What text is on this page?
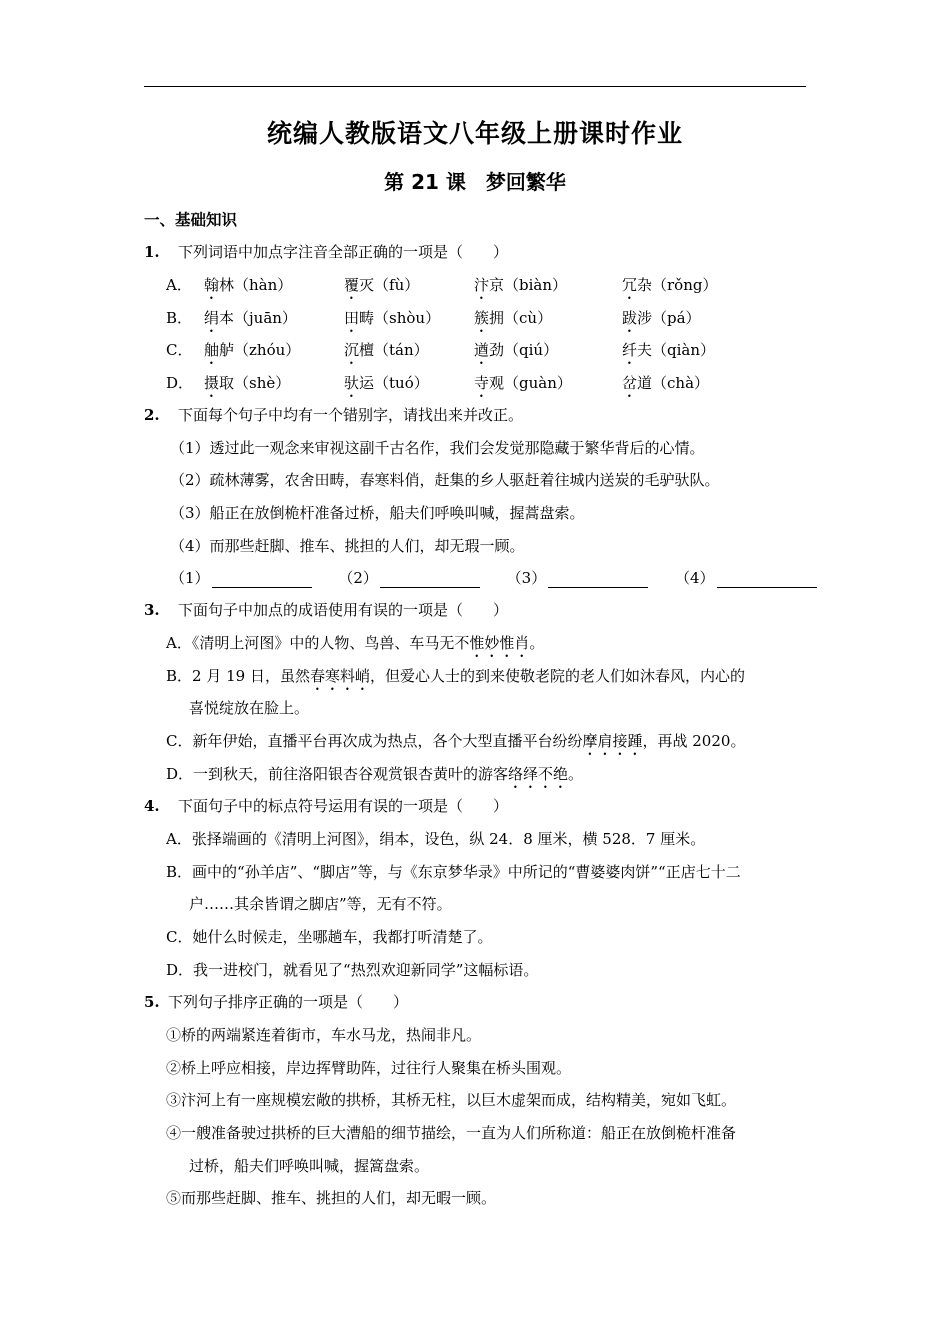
统编人教版语文八年级上册课时作业
第 21 课　梦回繁华
一、基础知识
1. 下列词语中加点字注音全部正确的一项是（　　）
A． 翰林（hàn）	覆灭（fù）	汴京（biàn）	冗杂（rǒng）
B． 绢本（juān）	田畴（shòu） 簇拥（cù）	跋涉（pá）
C． 舳舻（zhóu）	沉檀（tán）	遒劲（qiú）	纤夫（qiàn）
D． 摄取（shè）	驮运（tuó）	寺观（guàn）	岔道（chà）
2. 下面每个句子中均有一个错别字，请找出来并改正。
（1）透过此一观念来审视这副千古名作，我们会发觉那隐藏于繁华背后的心情。
（2）疏林薄雾，农舍田畴，春寒料俏，赶集的乡人驱赶着往城内送炭的毛驴驮队。
（3）船正在放倒桅杆准备过桥，船夫们呼唤叫喊，握蒿盘索。
（4）而那些赶脚、推车、挑担的人们，却无瑕一顾。
（1）	（2）	（3）	（4）
3. 下面句子中加点的成语使用有误的一项是（　　）
A．《清明上河图》中的人物、鸟兽、车马无不惟妙惟肖。
B．2 月 19 日，虽然春寒料峭，但爱心人士的到来使敬老院的老人们如沐春风，内心的
喜悦绽放在脸上。
C．新年伊始，直播平台再次成为热点，各个大型直播平台纷纷摩肩接踵，再战 2020。
D．一到秋天，前往洛阳银杏谷观赏银杏黄叶的游客络绎不绝。
4. 下面句子中的标点符号运用有误的一项是（　　）
A．张择端画的《清明上河图》，绢本，设色，纵 24．8 厘米，横 528．7 厘米。
B．画中的“孙羊店”、“脚店”等，与《东京梦华录》中所记的“曹婆婆肉饼”“正店七十二
户……其余皆谓之脚店”等，无有不符。
C．她什么时候走，坐哪趟车，我都打听清楚了。
D．我一进校门，就看见了“热烈欢迎新同学”这幅标语。
5. 下列句子排序正确的一项是（　　）
①桥的两端紧连着街市，车水马龙，热闹非凡。
②桥上呼应相接，岸边挥臂助阵，过往行人聚集在桥头围观。
③汴河上有一座规模宏敞的拱桥，其桥无柱，以巨木虚架而成，结构精美，宛如飞虹。
④一艘准备驶过拱桥的巨大漕船的细节描绘，一直为人们所称道：船正在放倒桅杆准备
过桥，船夫们呼唤叫喊，握篙盘索。
⑤而那些赶脚、推车、挑担的人们，却无暇一顾。
